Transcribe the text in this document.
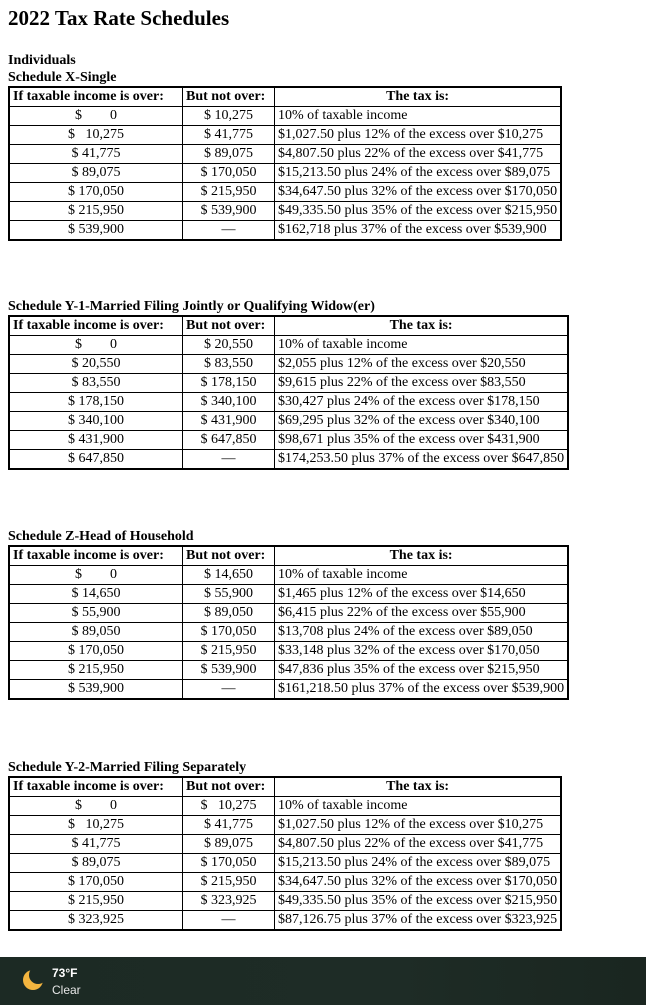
2022 Tax Rate Schedules
Individuals
Schedule X-Single
If taxable income is over:	But not over:	The tax is:
$        0	$ 10,275	10% of taxable income
$   10,275	$ 41,775	$1,027.50 plus 12% of the excess over $10,275
$ 41,775	$ 89,075	$4,807.50 plus 22% of the excess over $41,775
$ 89,075	$ 170,050	$15,213.50 plus 24% of the excess over $89,075
$ 170,050	$ 215,950	$34,647.50 plus 32% of the excess over $170,050
$ 215,950	$ 539,900	$49,335.50 plus 35% of the excess over $215,950
$ 539,900	—	$162,718 plus 37% of the excess over $539,900
Schedule Y-1-Married Filing Jointly or Qualifying Widow(er)
If taxable income is over:	But not over:	The tax is:
$        0	$ 20,550	10% of taxable income
$ 20,550	$ 83,550	$2,055 plus 12% of the excess over $20,550
$ 83,550	$ 178,150	$9,615 plus 22% of the excess over $83,550
$ 178,150	$ 340,100	$30,427 plus 24% of the excess over $178,150
$ 340,100	$ 431,900	$69,295 plus 32% of the excess over $340,100
$ 431,900	$ 647,850	$98,671 plus 35% of the excess over $431,900
$ 647,850	—	$174,253.50 plus 37% of the excess over $647,850
Schedule Z-Head of Household
If taxable income is over:	But not over:	The tax is:
$        0	$ 14,650	10% of taxable income
$ 14,650	$ 55,900	$1,465 plus 12% of the excess over $14,650
$ 55,900	$ 89,050	$6,415 plus 22% of the excess over $55,900
$ 89,050	$ 170,050	$13,708 plus 24% of the excess over $89,050
$ 170,050	$ 215,950	$33,148 plus 32% of the excess over $170,050
$ 215,950	$ 539,900	$47,836 plus 35% of the excess over $215,950
$ 539,900	—	$161,218.50 plus 37% of the excess over $539,900
Schedule Y-2-Married Filing Separately
If taxable income is over:	But not over:	The tax is:
$        0	$   10,275	10% of taxable income
$   10,275	$ 41,775	$1,027.50 plus 12% of the excess over $10,275
$ 41,775	$ 89,075	$4,807.50 plus 22% of the excess over $41,775
$ 89,075	$ 170,050	$15,213.50 plus 24% of the excess over $89,075
$ 170,050	$ 215,950	$34,647.50 plus 32% of the excess over $170,050
$ 215,950	$ 323,925	$49,335.50 plus 35% of the excess over $215,950
$ 323,925	—	$87,126.75 plus 37% of the excess over $323,925
73°F
Clear
